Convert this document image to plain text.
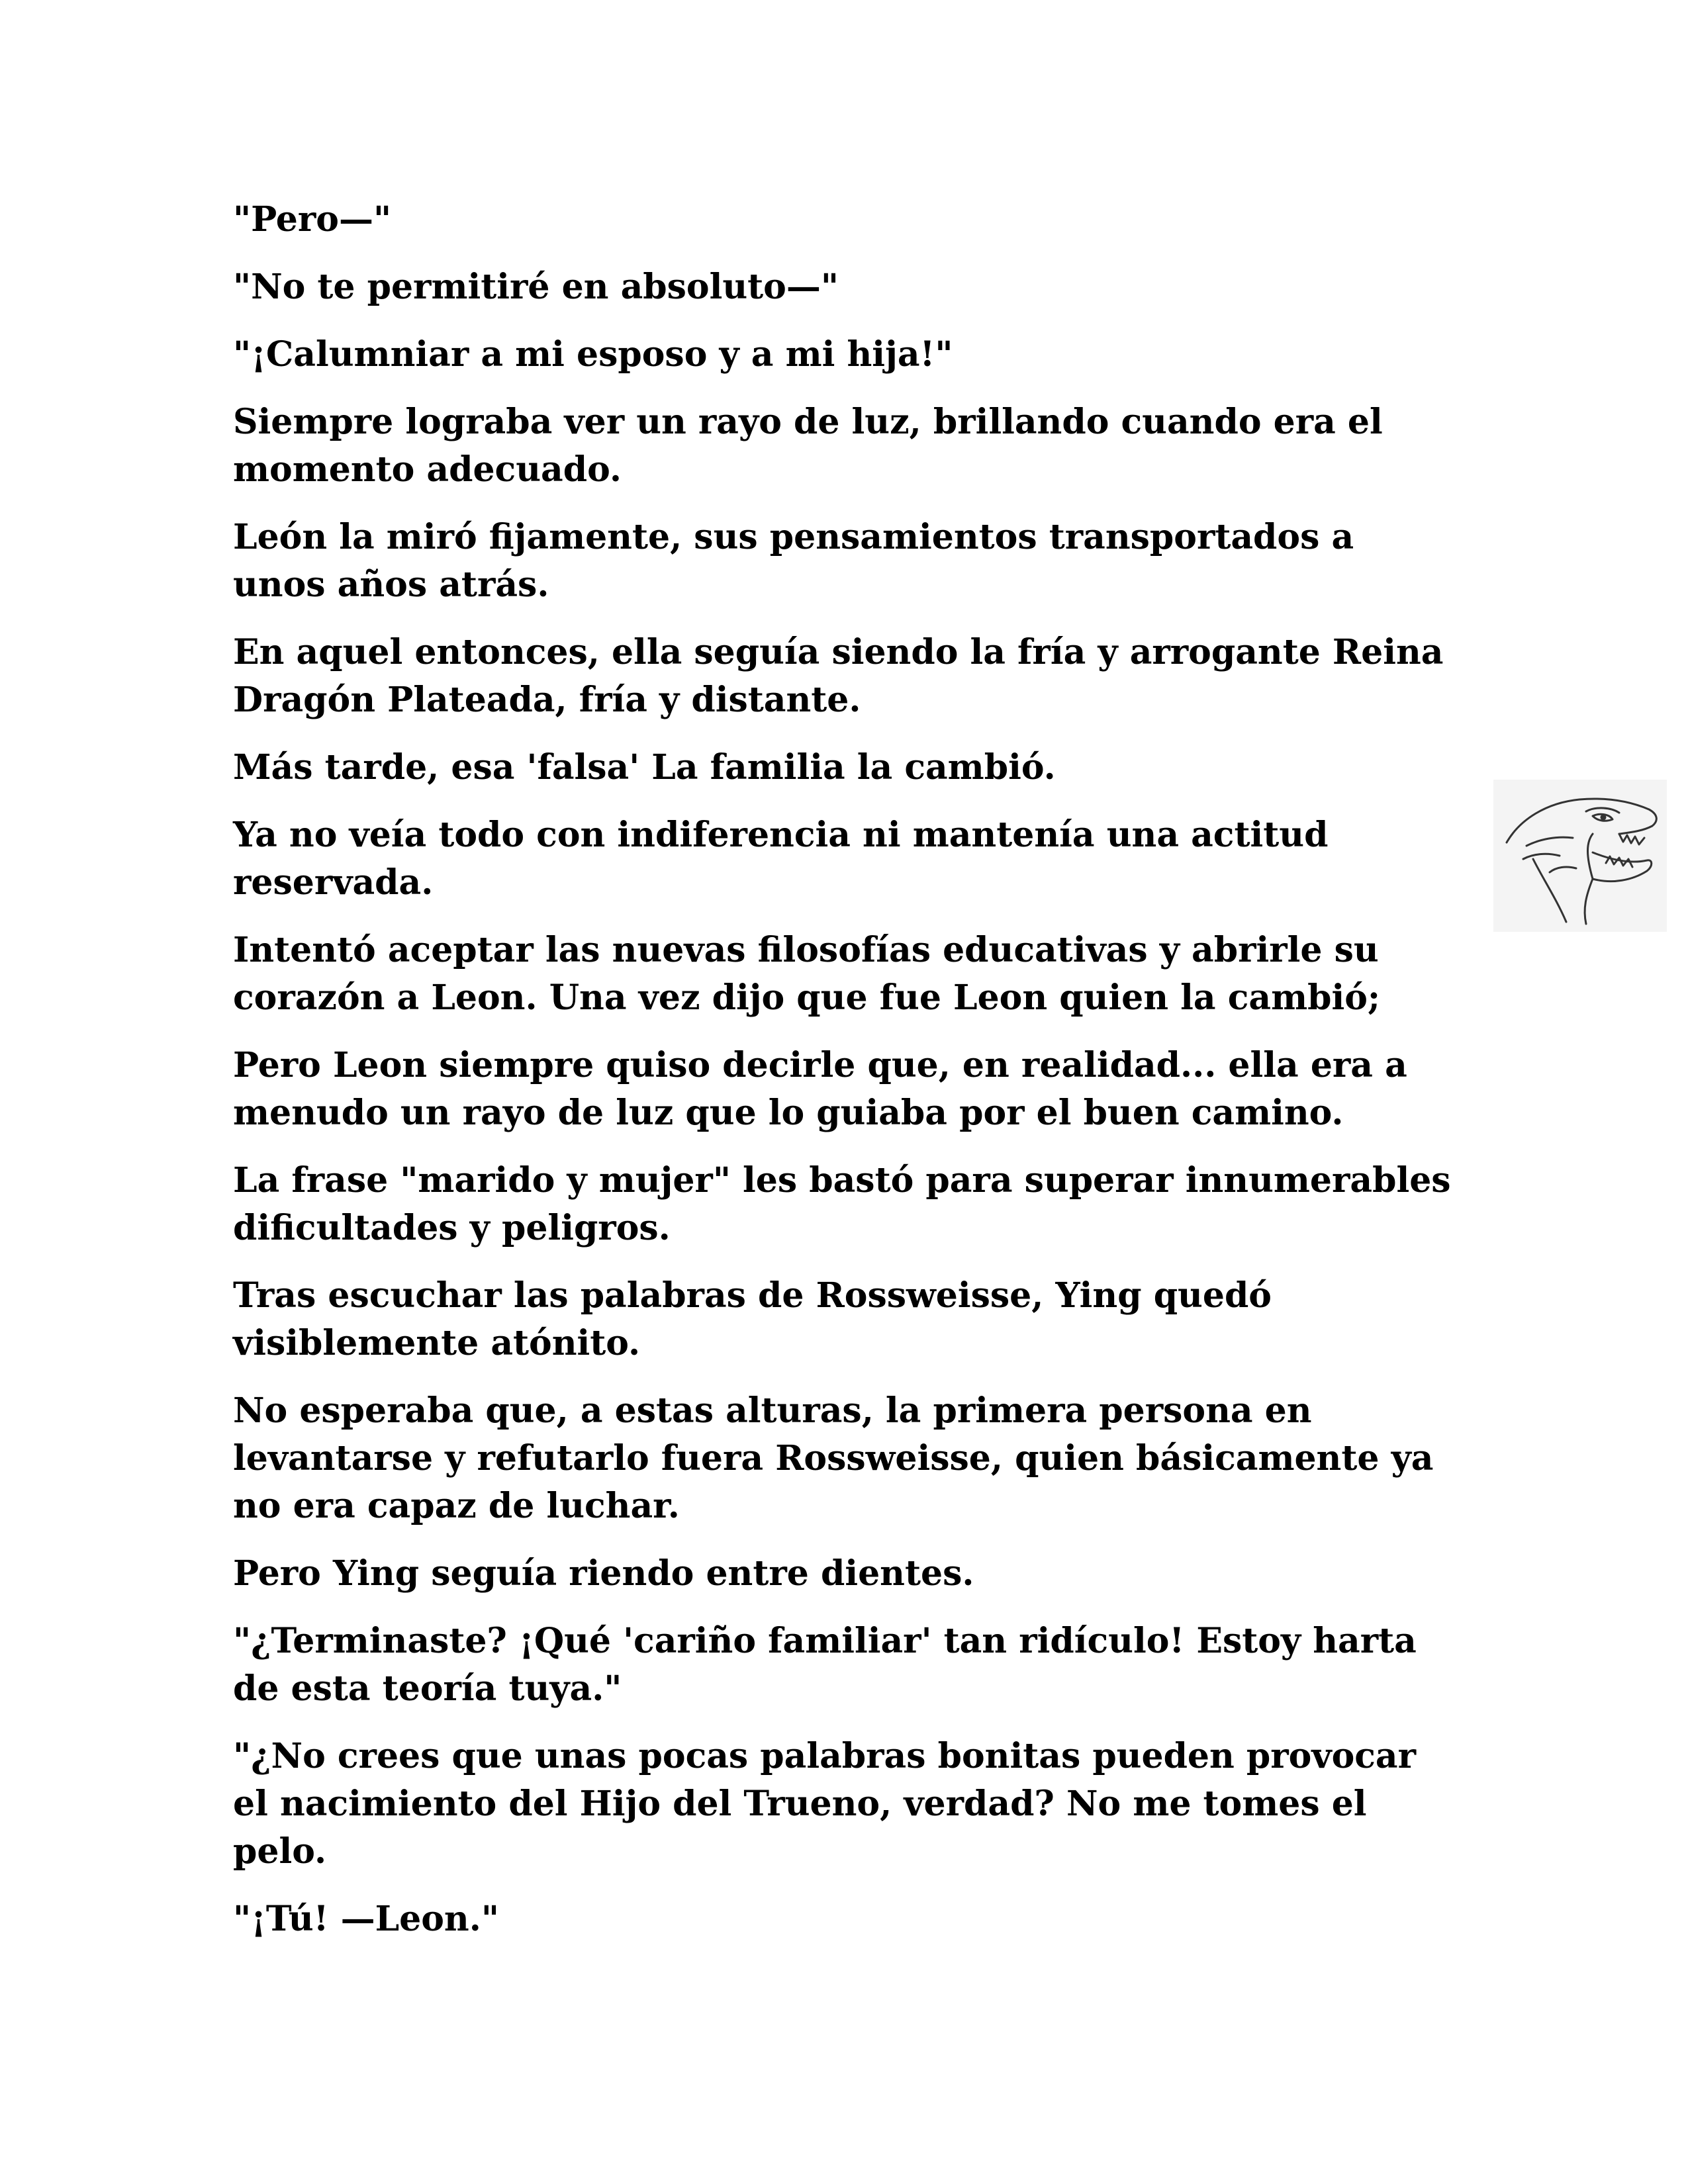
"Pero—"

"No te permitiré en absoluto—"

"¡Calumniar a mi esposo y a mi hija!"

Siempre lograba ver un rayo de luz, brillando cuando era el momento adecuado.

León la miró fijamente, sus pensamientos transportados a unos años atrás.

En aquel entonces, ella seguía siendo la fría y arrogante Reina Dragón Plateada, fría y distante.

Más tarde, esa 'falsa' La familia la cambió.

Ya no veía todo con indiferencia ni mantenía una actitud reservada.

Intentó aceptar las nuevas filosofías educativas y abrirle su corazón a Leon. Una vez dijo que fue Leon quien la cambió;

Pero Leon siempre quiso decirle que, en realidad... ella era a menudo un rayo de luz que lo guiaba por el buen camino.

La frase "marido y mujer" les bastó para superar innumerables dificultades y peligros.

Tras escuchar las palabras de Rossweisse, Ying quedó visiblemente atónito.

No esperaba que, a estas alturas, la primera persona en levantarse y refutarlo fuera Rossweisse, quien básicamente ya no era capaz de luchar.

Pero Ying seguía riendo entre dientes.

"¿Terminaste? ¡Qué 'cariño familiar' tan ridículo! Estoy harta de esta teoría tuya."

"¿No crees que unas pocas palabras bonitas pueden provocar el nacimiento del Hijo del Trueno, verdad? No me tomes el pelo.

"¡Tú! —Leon."
